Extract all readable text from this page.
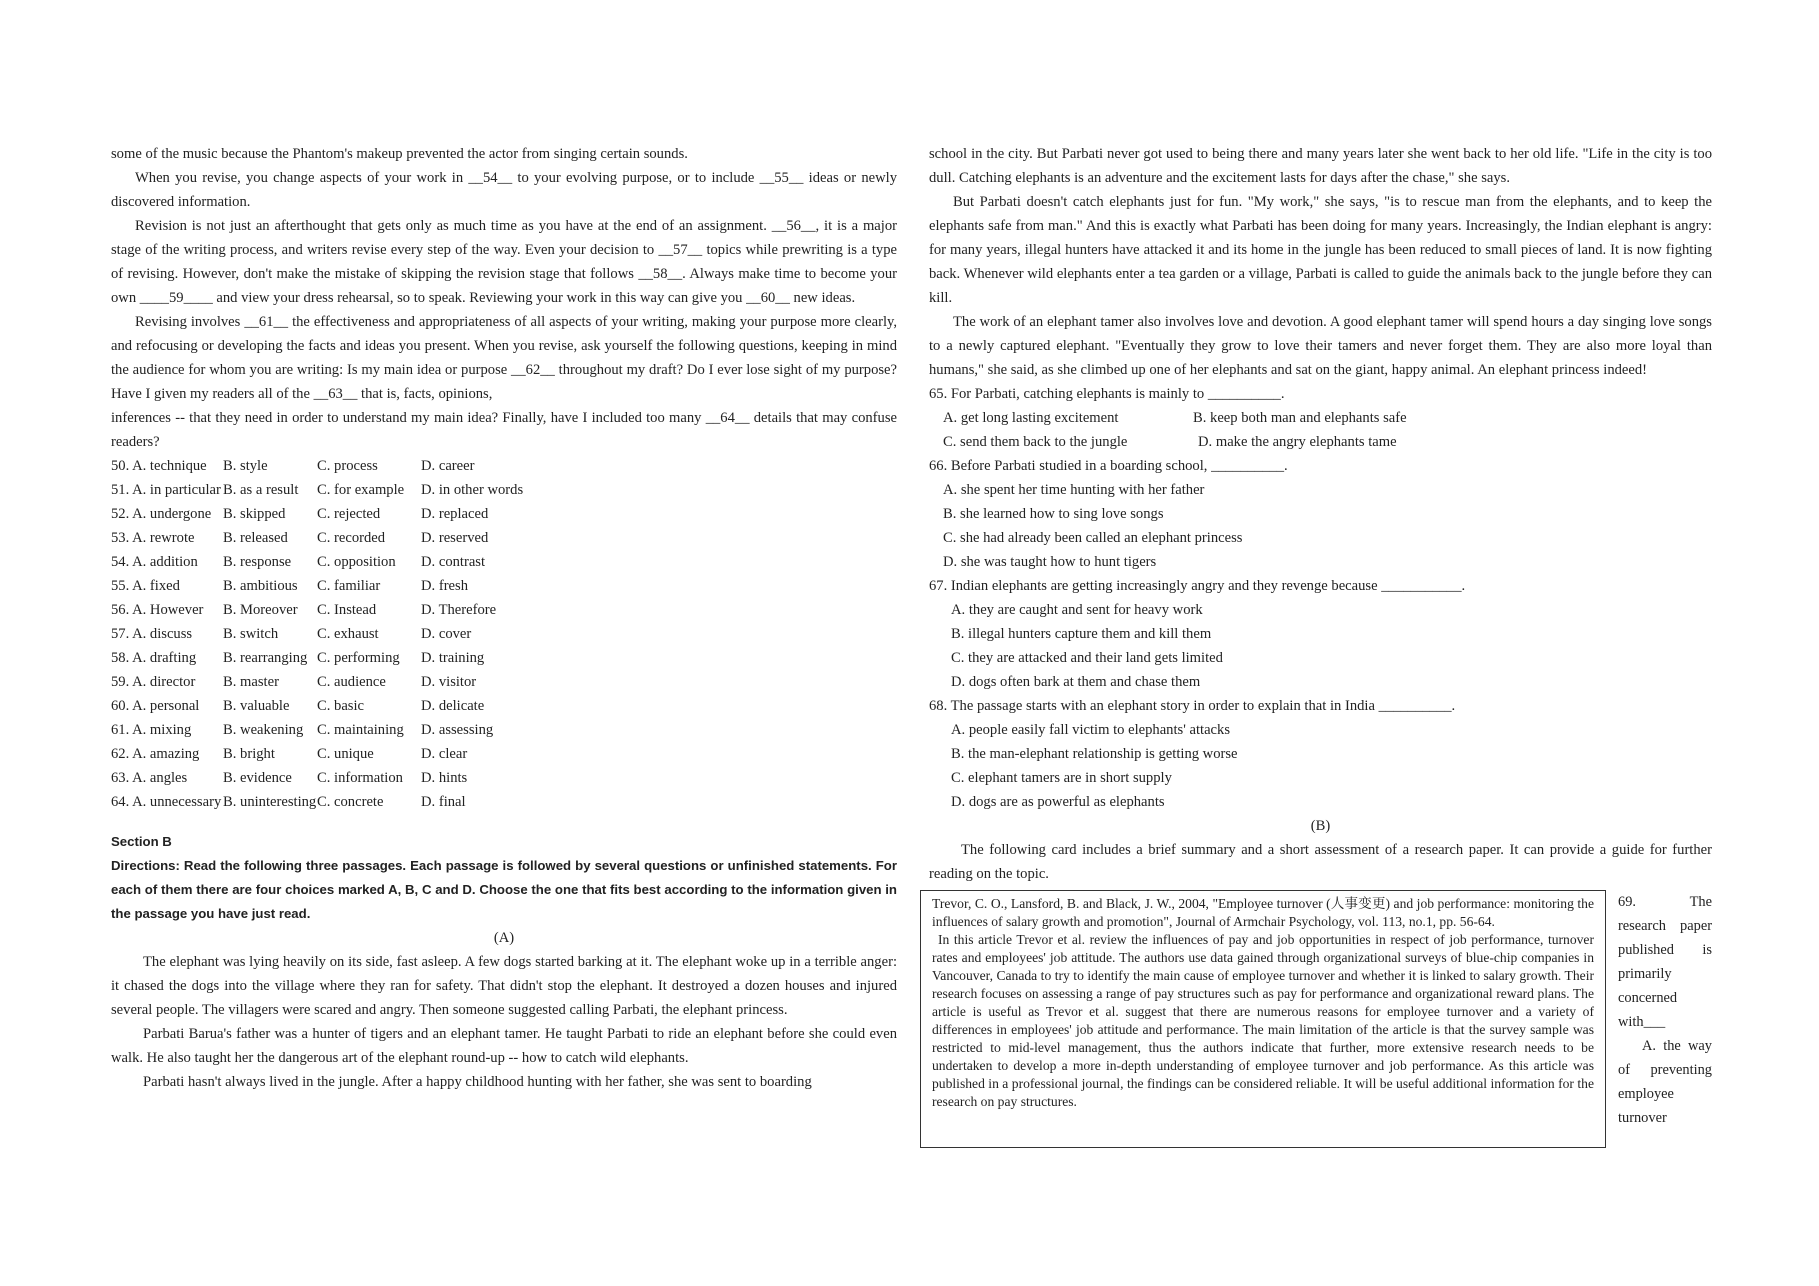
some of the music because the Phantom's makeup prevented the actor from singing certain sounds.

When you revise, you change aspects of your work in __54__ to your evolving purpose, or to include __55__ ideas or newly discovered information.

Revision is not just an afterthought that gets only as much time as you have at the end of an assignment. __56__, it is a major stage of the writing process, and writers revise every step of the way. Even your decision to __57__ topics while prewriting is a type of revising. However, don't make the mistake of skipping the revision stage that follows __58__. Always make time to become your own ____59____ and view your dress rehearsal, so to speak. Reviewing your work in this way can give you __60__ new ideas.

Revising involves __61__ the effectiveness and appropriateness of all aspects of your writing, making your purpose more clearly, and refocusing or developing the facts and ideas you present. When you revise, ask yourself the following questions, keeping in mind the audience for whom you are writing: Is my main idea or purpose __62__ throughout my draft? Do I ever lose sight of my purpose? Have I given my readers all of the __63__ that is, facts, opinions,

inferences -- that they need in order to understand my main idea? Finally, have I included too many __64__ details that may confuse readers?

50. A. technique	B. style	C. process	D. career
51. A. in particular B. as a result	C. for example	D. in other words
52. A. undergone B. skipped	C. rejected	D. replaced
53. A. rewrote	B. released	C. recorded	D. reserved
54. A. addition	B. response	C. opposition	D. contrast
55. A. fixed	B. ambitious	C. familiar	D. fresh
56. A. However	B. Moreover	C. Instead	D. Therefore
57. A. discuss	B. switch	C. exhaust	D. cover
58. A. drafting	B. rearranging C. performing	D. training
59. A. director	B. master	C. audience	D. visitor
60. A. personal	B. valuable	C. basic	D. delicate
61. A. mixing	B. weakening C. maintaining	D. assessing
62. A. amazing	B. bright	C. unique	D. clear
63. A. angles	B. evidence	C. information	D. hints
64. A. unnecessary B. uninteresting C. concrete	D. final

Section B

Directions: Read the following three passages. Each passage is followed by several questions or unfinished statements. For each of them there are four choices marked A, B, C and D. Choose the one that fits best according to the information given in the passage you have just read.

(A)

The elephant was lying heavily on its side, fast asleep. A few dogs started barking at it. The elephant woke up in a terrible anger: it chased the dogs into the village where they ran for safety. That didn't stop the elephant. It destroyed a dozen houses and injured several people. The villagers were scared and angry. Then someone suggested calling Parbati, the elephant princess.

Parbati Barua's father was a hunter of tigers and an elephant tamer. He taught Parbati to ride an elephant before she could even walk. He also taught her the dangerous art of the elephant round-up -- how to catch wild elephants.

Parbati hasn't always lived in the jungle. After a happy childhood hunting with her father, she was sent to boarding

school in the city. But Parbati never got used to being there and many years later she went back to her old life. "Life in the city is too dull. Catching elephants is an adventure and the excitement lasts for days after the chase," she says.

But Parbati doesn't catch elephants just for fun. "My work," she says, "is to rescue man from the elephants, and to keep the elephants safe from man." And this is exactly what Parbati has been doing for many years. Increasingly, the Indian elephant is angry: for many years, illegal hunters have attacked it and its home in the jungle has been reduced to small pieces of land. It is now fighting back. Whenever wild elephants enter a tea garden or a village, Parbati is called to guide the animals back to the jungle before they can kill.

The work of an elephant tamer also involves love and devotion. A good elephant tamer will spend hours a day singing love songs to a newly captured elephant. "Eventually they grow to love their tamers and never forget them. They are also more loyal than humans," she said, as she climbed up one of her elephants and sat on the giant, happy animal. An elephant princess indeed!

65. For Parbati, catching elephants is mainly to __________.

A. get long lasting excitement	B. keep both man and elephants safe
C. send them back to the jungle	D. make the angry elephants tame

66. Before Parbati studied in a boarding school, __________.

A. she spent her time hunting with her father
B. she learned how to sing love songs
C. she had already been called an elephant princess
D. she was taught how to hunt tigers

67. Indian elephants are getting increasingly angry and they revenge because ___________.

A. they are caught and sent for heavy work
B. illegal hunters capture them and kill them
C. they are attacked and their land gets limited
D. dogs often bark at them and chase them

68. The passage starts with an elephant story in order to explain that in India __________.

A. people easily fall victim to elephants' attacks
B. the man-elephant relationship is getting worse
C. elephant tamers are in short supply
D. dogs are as powerful as elephants

(B)

The following card includes a brief summary and a short assessment of a research paper. It can provide a guide for further reading on the topic.

Trevor, C. O., Lansford, B. and Black, J. W., 2004, "Employee turnover (人事变更) and job performance: monitoring the influences of salary growth and promotion", Journal of Armchair Psychology, vol. 113, no.1, pp. 56-64.

In this article Trevor et al. review the influences of pay and job opportunities in respect of job performance, turnover rates and employees' job attitude. The authors use data gained through organizational surveys of blue-chip companies in Vancouver, Canada to try to identify the main cause of employee turnover and whether it is linked to salary growth. Their research focuses on assessing a range of pay structures such as pay for performance and organizational reward plans. The article is useful as Trevor et al. suggest that there are numerous reasons for employee turnover and a variety of differences in employees' job attitude and performance. The main limitation of the article is that the survey sample was restricted to mid-level management, thus the authors indicate that further, more extensive research needs to be undertaken to develop a more in-depth understanding of employee turnover and job performance. As this article was published in a professional journal, the findings can be considered reliable. It will be useful additional information for the research on pay structures.

69. The research paper published is primarily concerned with___

A. the way of preventing employee turnover
